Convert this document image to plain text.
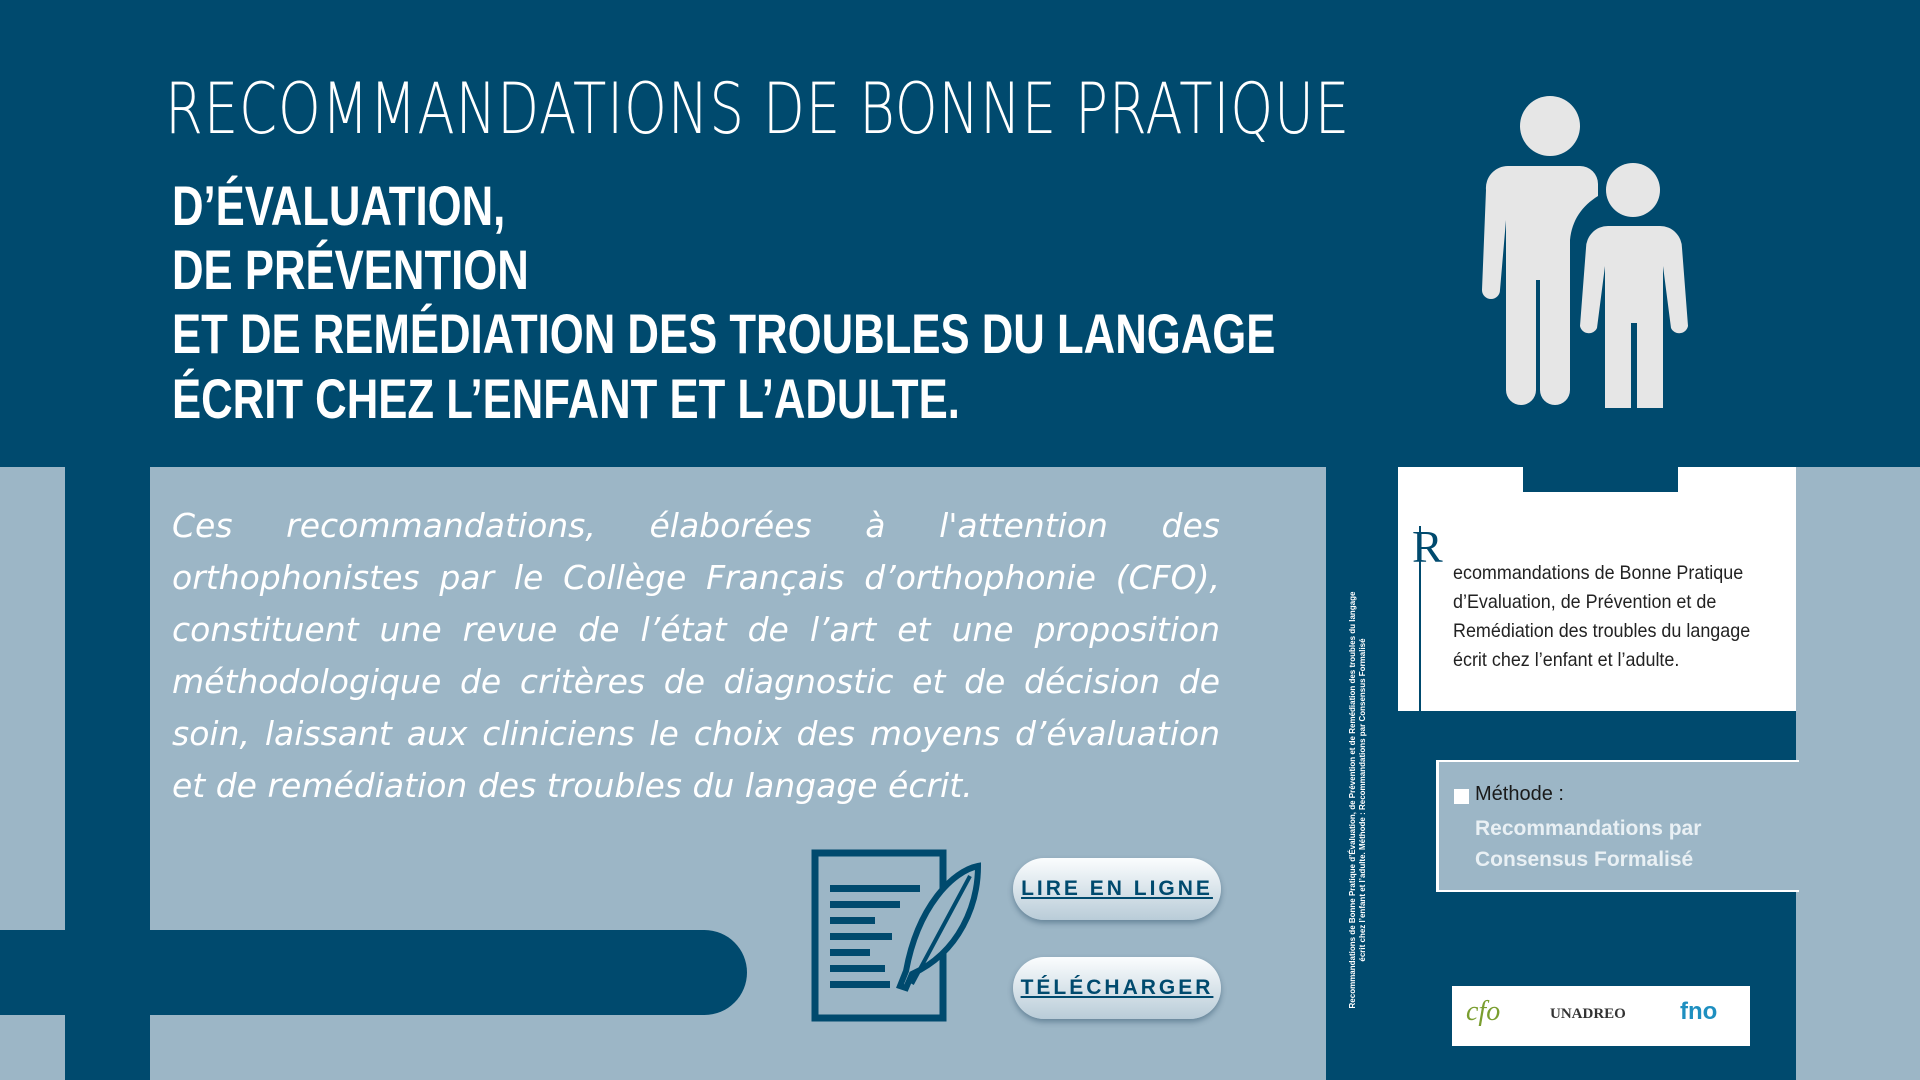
RECOMMANDATIONS DE BONNE PRATIQUE
D’ÉVALUATION,
DE PRÉVENTION
ET DE REMÉDIATION DES TROUBLES DU LANGAGE
ÉCRIT CHEZ L’ENFANT ET L’ADULTE.
Ces recommandations, élaborées à l'attention des orthophonistes par le Collège Français d’orthophonie (CFO), constituent une revue de l’état de l’art et une proposition méthodologique de critères de diagnostic et de décision de soin, laissant aux cliniciens le choix des moyens d’évaluation et de remédiation des troubles du langage écrit.
LIRE EN LIGNE
TÉLÉCHARGER	Recommandations de Bonne Pratique d’Évaluation, de Prévention et de Remédiation des troubles du langage écrit chez l’enfant et l’adulte. Méthode : Recommandations par Consensus Formalisé
R
ecommandations de Bonne Pratique d’Evaluation, de Prévention et de Remédiation des troubles du langage écrit chez l’enfant et l’adulte.
Méthode :
Recommandations par
Consensus Formalisé
cfo	UNADREO fno
